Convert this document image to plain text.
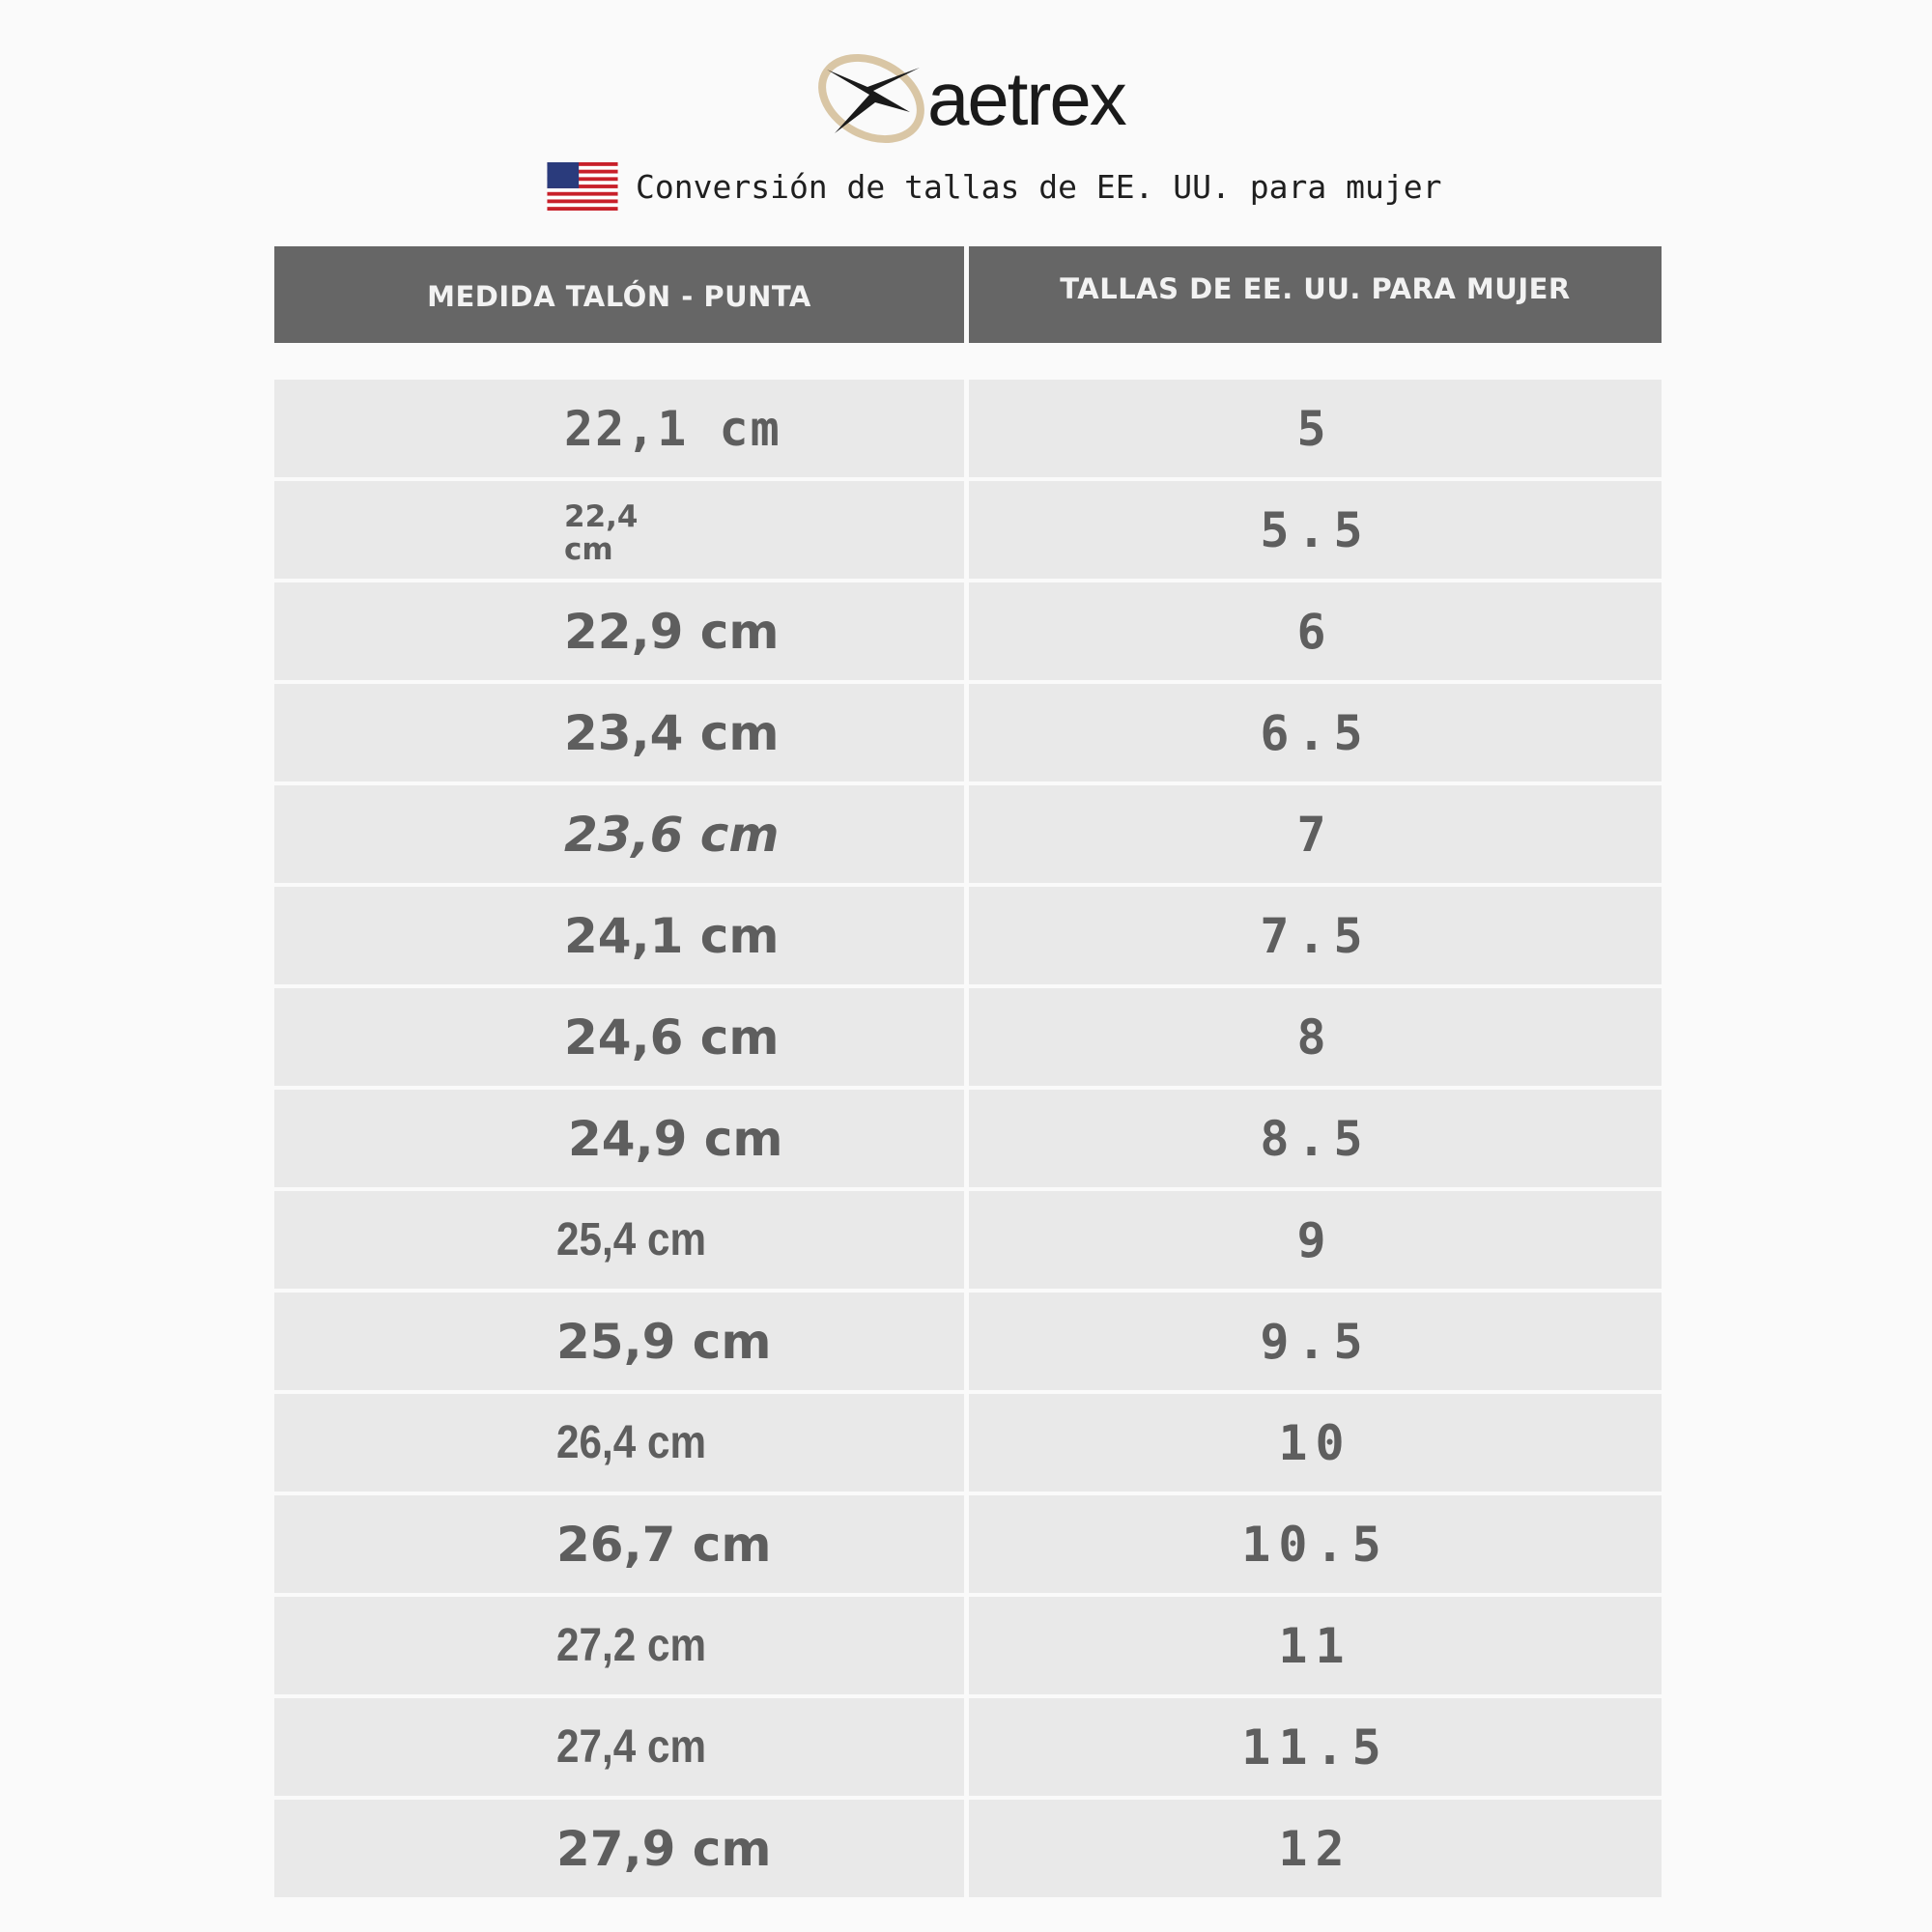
aetrex
Conversión de tallas de EE. UU. para mujer
MEDIDA TALÓN - PUNTA	TALLAS DE EE. UU. PARA MUJER
22,1 cm	5
22,4 cm	5.5
22,9 cm	6
23,4 cm	6.5
23,6 cm	7
24,1 cm	7.5
24,6 cm	8
24,9 cm	8.5
25,4 cm	9
25,9 cm	9.5
26,4 cm	10
26,7 cm	10.5
27,2 cm	11
27,4 cm	11.5
27,9 cm	12
